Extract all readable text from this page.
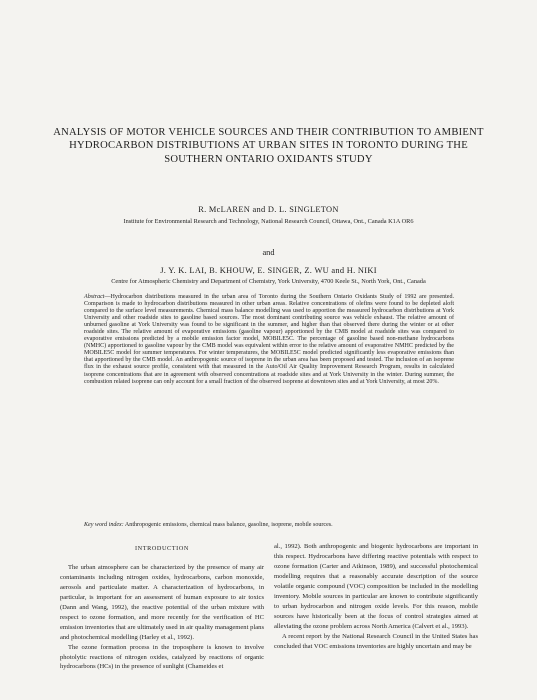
ANALYSIS OF MOTOR VEHICLE SOURCES AND THEIR CONTRIBUTION TO AMBIENT HYDROCARBON DISTRIBUTIONS AT URBAN SITES IN TORONTO DURING THE SOUTHERN ONTARIO OXIDANTS STUDY
R. McLAREN and D. L. SINGLETON
Institute for Environmental Research and Technology, National Research Council, Ottawa, Ont., Canada K1A OR6
and
J. Y. K. LAI, B. KHOUW, E. SINGER, Z. WU and H. NIKI
Centre for Atmospheric Chemistry and Department of Chemistry, York University, 4700 Keele St., North York, Ont., Canada
Abstract—Hydrocarbon distributions measured in the urban area of Toronto during the Southern Ontario Oxidants Study of 1992 are presented. Comparison is made to hydrocarbon distributions measured in other urban areas. Relative concentrations of olefins were found to be depleted aloft compared to the surface level measurements. Chemical mass balance modelling was used to apportion the measured hydrocarbon distributions at York University and other roadside sites to gasoline based sources. The most dominant contributing source was vehicle exhaust. The relative amount of unburned gasoline at York University was found to be significant in the summer, and higher than that observed there during the winter or at other roadside sites. The relative amount of evaporative emissions (gasoline vapour) apportioned by the CMB model at roadside sites was compared to evaporative emissions predicted by a mobile emission factor model, MOBILE5C. The percentage of gasoline based non-methane hydrocarbons (NMHC) apportioned to gasoline vapour by the CMB model was equivalent within error to the relative amount of evaporative NMHC predicted by the MOBILE5C model for summer temperatures. For winter temperatures, the MOBILE5C model predicted significantly less evaporative emissions than that apportioned by the CMB model. An anthropogenic source of isoprene in the urban area has been proposed and tested. The inclusion of an isoprene flux in the exhaust source profile, consistent with that measured in the Auto/Oil Air Quality Improvement Research Program, results in calculated isoprene concentrations that are in agreement with observed concentrations at roadside sites and at York University in the winter. During summer, the combustion related isoprene can only account for a small fraction of the observed isoprene at downtown sites and at York University, at most 20%.
Key word index: Anthropogenic emissions, chemical mass balance, gasoline, isoprene, mobile sources.
INTRODUCTION

The urban atmosphere can be characterized by the presence of many air contaminants including nitrogen oxides, hydrocarbons, carbon monoxide, aerosols and particulate matter. A characterization of hydrocarbons, in particular, is important for an assessment of human exposure to air toxics (Dann and Wang, 1992), the reactive potential of the urban mixture with respect to ozone formation, and more recently for the verification of HC emission inventories that are ultimately used in air quality management plans and photochemical modelling (Harley et al., 1992).

The ozone formation process in the troposphere is known to involve photolytic reactions of nitrogen oxides, catalyzed by reactions of organic hydrocarbons (HCs) in the presence of sunlight (Chameides et

al., 1992). Both anthropogenic and biogenic hydrocarbons are important in this respect. Hydrocarbons have differing reactive potentials with respect to ozone formation (Carter and Atkinson, 1989), and successful photochemical modelling requires that a reasonably accurate description of the source volatile organic compound (VOC) composition be included in the modelling inventory. Mobile sources in particular are known to contribute significantly to urban hydrocarbon and nitrogen oxide levels. For this reason, mobile sources have historically been at the focus of control strategies aimed at alleviating the ozone problem across North America (Calvert et al., 1993).

A recent report by the National Research Council in the United States has concluded that VOC emissions inventories are highly uncertain and may be
